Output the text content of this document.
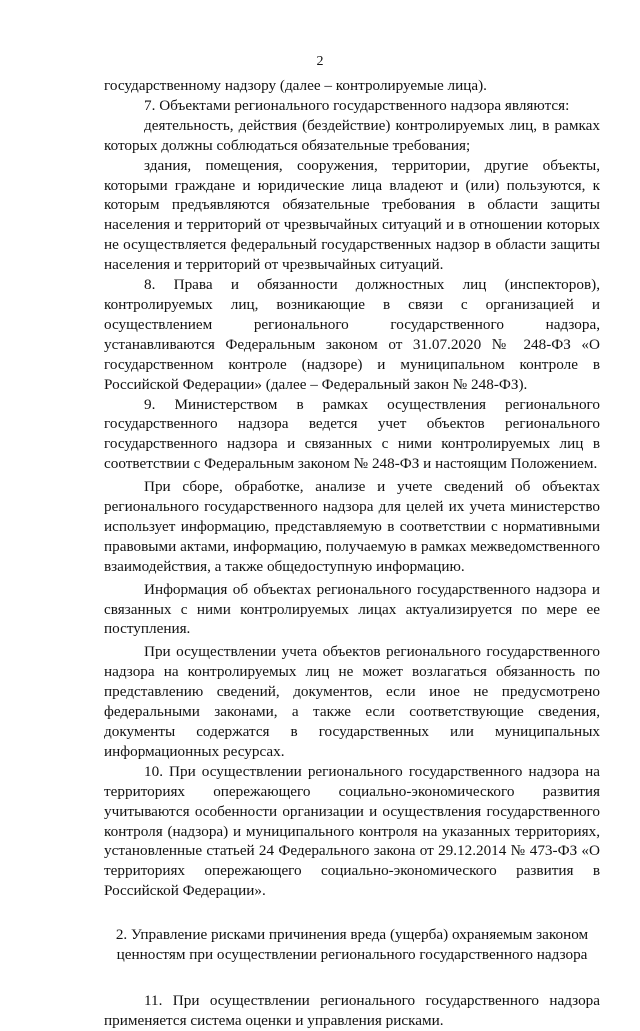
2

государственному надзору (далее – контролируемые лица).

7. Объектами регионального государственного надзора являются:

деятельность, действия (бездействие) контролируемых лиц, в рамках которых должны соблюдаться обязательные требования;

здания, помещения, сооружения, территории, другие объекты, которыми граждане и юридические лица владеют и (или) пользуются, к которым предъявляются обязательные требования в области защиты населения и территорий от чрезвычайных ситуаций и в отношении которых не осуществляется федеральный государственных надзор в области защиты населения и территорий от чрезвычайных ситуаций.

8. Права и обязанности должностных лиц (инспекторов), контролируемых лиц, возникающие в связи с организацией и осуществлением регионального государственного надзора, устанавливаются Федеральным законом от 31.07.2020 № 248-ФЗ «О государственном контроле (надзоре) и муниципальном контроле в Российской Федерации» (далее – Федеральный закон № 248-ФЗ).

9. Министерством в рамках осуществления регионального государственного надзора ведется учет объектов регионального государственного надзора и связанных с ними контролируемых лиц в соответствии с Федеральным законом № 248-ФЗ и настоящим Положением.

При сборе, обработке, анализе и учете сведений об объектах регионального государственного надзора для целей их учета министерство использует информацию, представляемую в соответствии с нормативными правовыми актами, информацию, получаемую в рамках межведомственного взаимодействия, а также общедоступную информацию.

Информация об объектах регионального государственного надзора и связанных с ними контролируемых лицах актуализируется по мере ее поступления.

При осуществлении учета объектов регионального государственного надзора на контролируемых лиц не может возлагаться обязанность по представлению сведений, документов, если иное не предусмотрено федеральными законами, а также если соответствующие сведения, документы содержатся в государственных или муниципальных информационных ресурсах.

10. При осуществлении регионального государственного надзора на территориях опережающего социально-экономического развития учитываются особенности организации и осуществления государственного контроля (надзора) и муниципального контроля на указанных территориях, установленные статьей 24 Федерального закона от 29.12.2014 № 473-ФЗ «О территориях опережающего социально-экономического развития в Российской Федерации».

2. Управление рисками причинения вреда (ущерба) охраняемым законом
ценностям при осуществлении регионального государственного надзора

11. При осуществлении регионального государственного надзора применяется система оценки и управления рисками.
